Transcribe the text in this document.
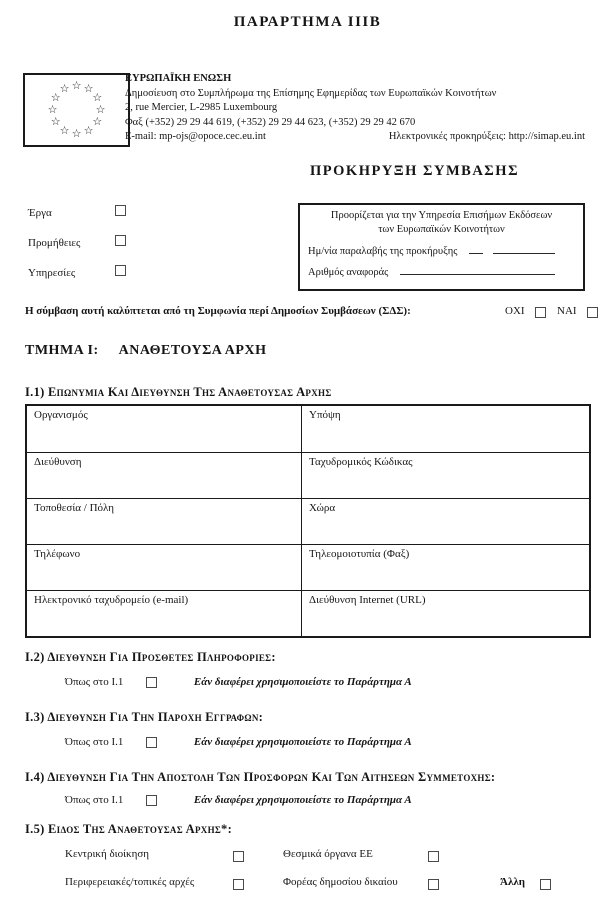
ΠΑΡΑΡΤΗΜΑ ΙΙΙΒ
☆ ☆
☆
☆
☆
☆
☆
☆
☆
☆
☆
☆
ΕΥΡΩΠΑΪΚΗ ΕΝΩΣΗ
Δημοσίευση στο Συμπλήρωμα της Επίσημης Εφημερίδας των Ευρωπαϊκών Κοινοτήτων
2, rue Mercier, L-2985 Luxembourg
Φαξ (+352) 29 29 44 619, (+352) 29 29 44 623, (+352) 29 29 42 670
E-mail: mp-ojs@opoce.cec.eu.int	Ηλεκτρονικές προκηρύξεις: http://simap.eu.int
ΠΡΟΚΗΡΥΞΗ ΣΥΜΒΑΣΗΣ
Έργα
Προμήθειες
Υπηρεσίες
Προορίζεται για την Υπηρεσία Επισήμων Εκδόσεων
των Ευρωπαϊκών Κοινοτήτων
Ημ/νία παραλαβής της προκήρυξης
Αριθμός αναφοράς
Η σύμβαση αυτή καλύπτεται από τη Συμφωνία περί Δημοσίων Συμβάσεων (ΣΔΣ):	ΟΧΙ	ΝΑΙ
ΤΜΗΜΑ Ι: ΑΝΑΘΕΤΟΥΣΑ ΑΡΧΗ
Ι.1) Επωνυμια Και Διευθυνση Της Αναθετουσας Αρχης
Οργανισμός	Υπόψη
Διεύθυνση	Ταχυδρομικός Κώδικας
Τοποθεσία / Πόλη	Χώρα
Τηλέφωνο	Τηλεομοιοτυπία (Φαξ)
Ηλεκτρονικό ταχυδρομείο (e-mail)	Διεύθυνση Internet (URL)
Ι.2) Διευθυνση Για Προσθετες Πληροφοριες:
Όπως στο Ι.1	Εάν διαφέρει χρησιμοποιείστε το Παράρτημα Α
Ι.3) Διευθυνση Για Την Παροχη Εγγραφων:
Όπως στο Ι.1	Εάν διαφέρει χρησιμοποιείστε το Παράρτημα Α
Ι.4) Διευθυνση Για Την Αποστολη Των Προσφορων Και Των Αιτησεων Συμμετοχης:
Όπως στο Ι.1	Εάν διαφέρει χρησιμοποιείστε το Παράρτημα Α
Ι.5) Ειδος Της Αναθετουσας Αρχης*:
Κεντρική διοίκηση	Θεσμικά όργανα ΕΕ
Περιφερειακές/τοπικές αρχές	Φορέας δημοσίου δικαίου	Άλλη
